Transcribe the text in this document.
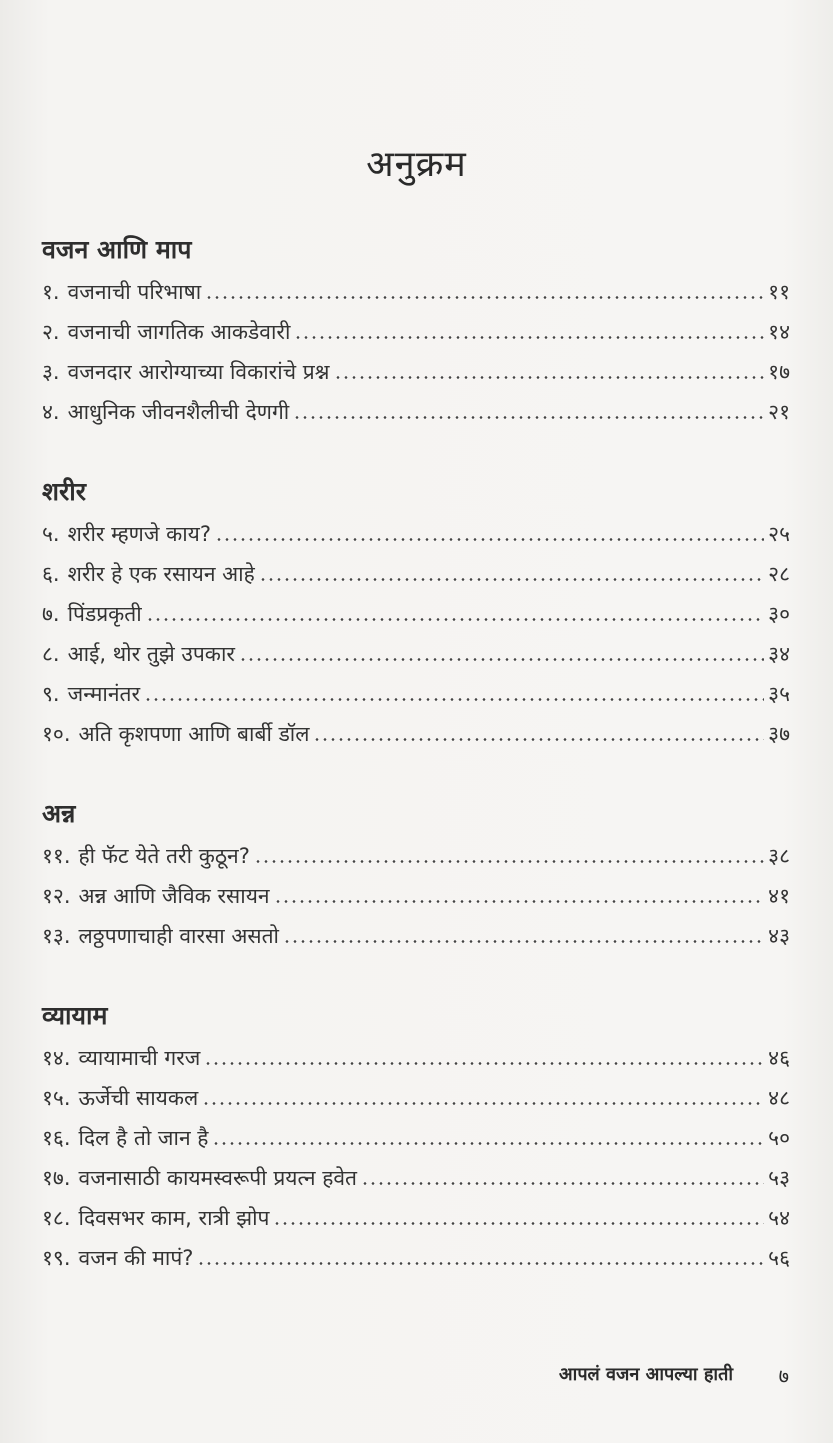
अनुक्रम
वजन आणि माप
१. वजनाची परिभाषा	११
२. वजनाची जागतिक आकडेवारी	१४
३. वजनदार आरोग्याच्या विकारांचे प्रश्न	१७
४. आधुनिक जीवनशैलीची देणगी	२१
शरीर
५. शरीर म्हणजे काय?	२५
६. शरीर हे एक रसायन आहे	२८
७. पिंडप्रकृती	३०
८. आई, थोर तुझे उपकार	३४
९. जन्मानंतर	३५
१०. अति कृशपणा आणि बार्बी डॉल	३७
अन्न
११. ही फॅट येते तरी कुठून?	३८
१२. अन्न आणि जैविक रसायन	४१
१३. लठ्ठपणाचाही वारसा असतो	४३
व्यायाम
१४. व्यायामाची गरज	४६
१५. ऊर्जेची सायकल	४८
१६. दिल है तो जान है	५०
१७. वजनासाठी कायमस्वरूपी प्रयत्न हवेत	५३
१८. दिवसभर काम, रात्री झोप	५४
१९. वजन की मापं?	५६
आपलं वजन आपल्या हाती ७
